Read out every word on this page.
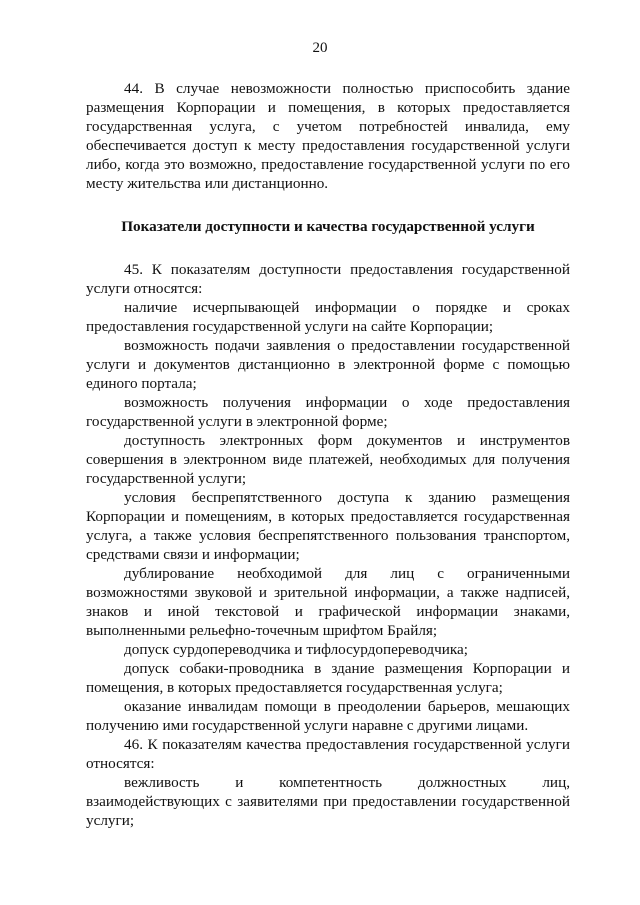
20

44. В случае невозможности полностью приспособить здание размещения Корпорации и помещения, в которых предоставляется государственная услуга, с учетом потребностей инвалида, ему обеспечивается доступ к месту предоставления государственной услуги либо, когда это возможно, предоставление государственной услуги по его месту жительства или дистанционно.

Показатели доступности и качества государственной услуги

45. К показателям доступности предоставления государственной услуги относятся:

наличие исчерпывающей информации о порядке и сроках предоставления государственной услуги на сайте Корпорации;

возможность подачи заявления о предоставлении государственной услуги и документов дистанционно в электронной форме с помощью единого портала;

возможность получения информации о ходе предоставления государственной услуги в электронной форме;

доступность электронных форм документов и инструментов совершения в электронном виде платежей, необходимых для получения государственной услуги;

условия беспрепятственного доступа к зданию размещения Корпорации и помещениям, в которых предоставляется государственная услуга, а также условия беспрепятственного пользования транспортом, средствами связи и информации;

дублирование необходимой для лиц с ограниченными возможностями звуковой и зрительной информации, а также надписей, знаков и иной текстовой и графической информации знаками, выполненными рельефно-точечным шрифтом Брайля;

допуск сурдопереводчика и тифлосурдопереводчика;

допуск собаки-проводника в здание размещения Корпорации и помещения, в которых предоставляется государственная услуга;

оказание инвалидам помощи в преодолении барьеров, мешающих получению ими государственной услуги наравне с другими лицами.

46. К показателям качества предоставления государственной услуги относятся:

вежливость и компетентность должностных лиц, взаимодействующих с заявителями при предоставлении государственной услуги;
